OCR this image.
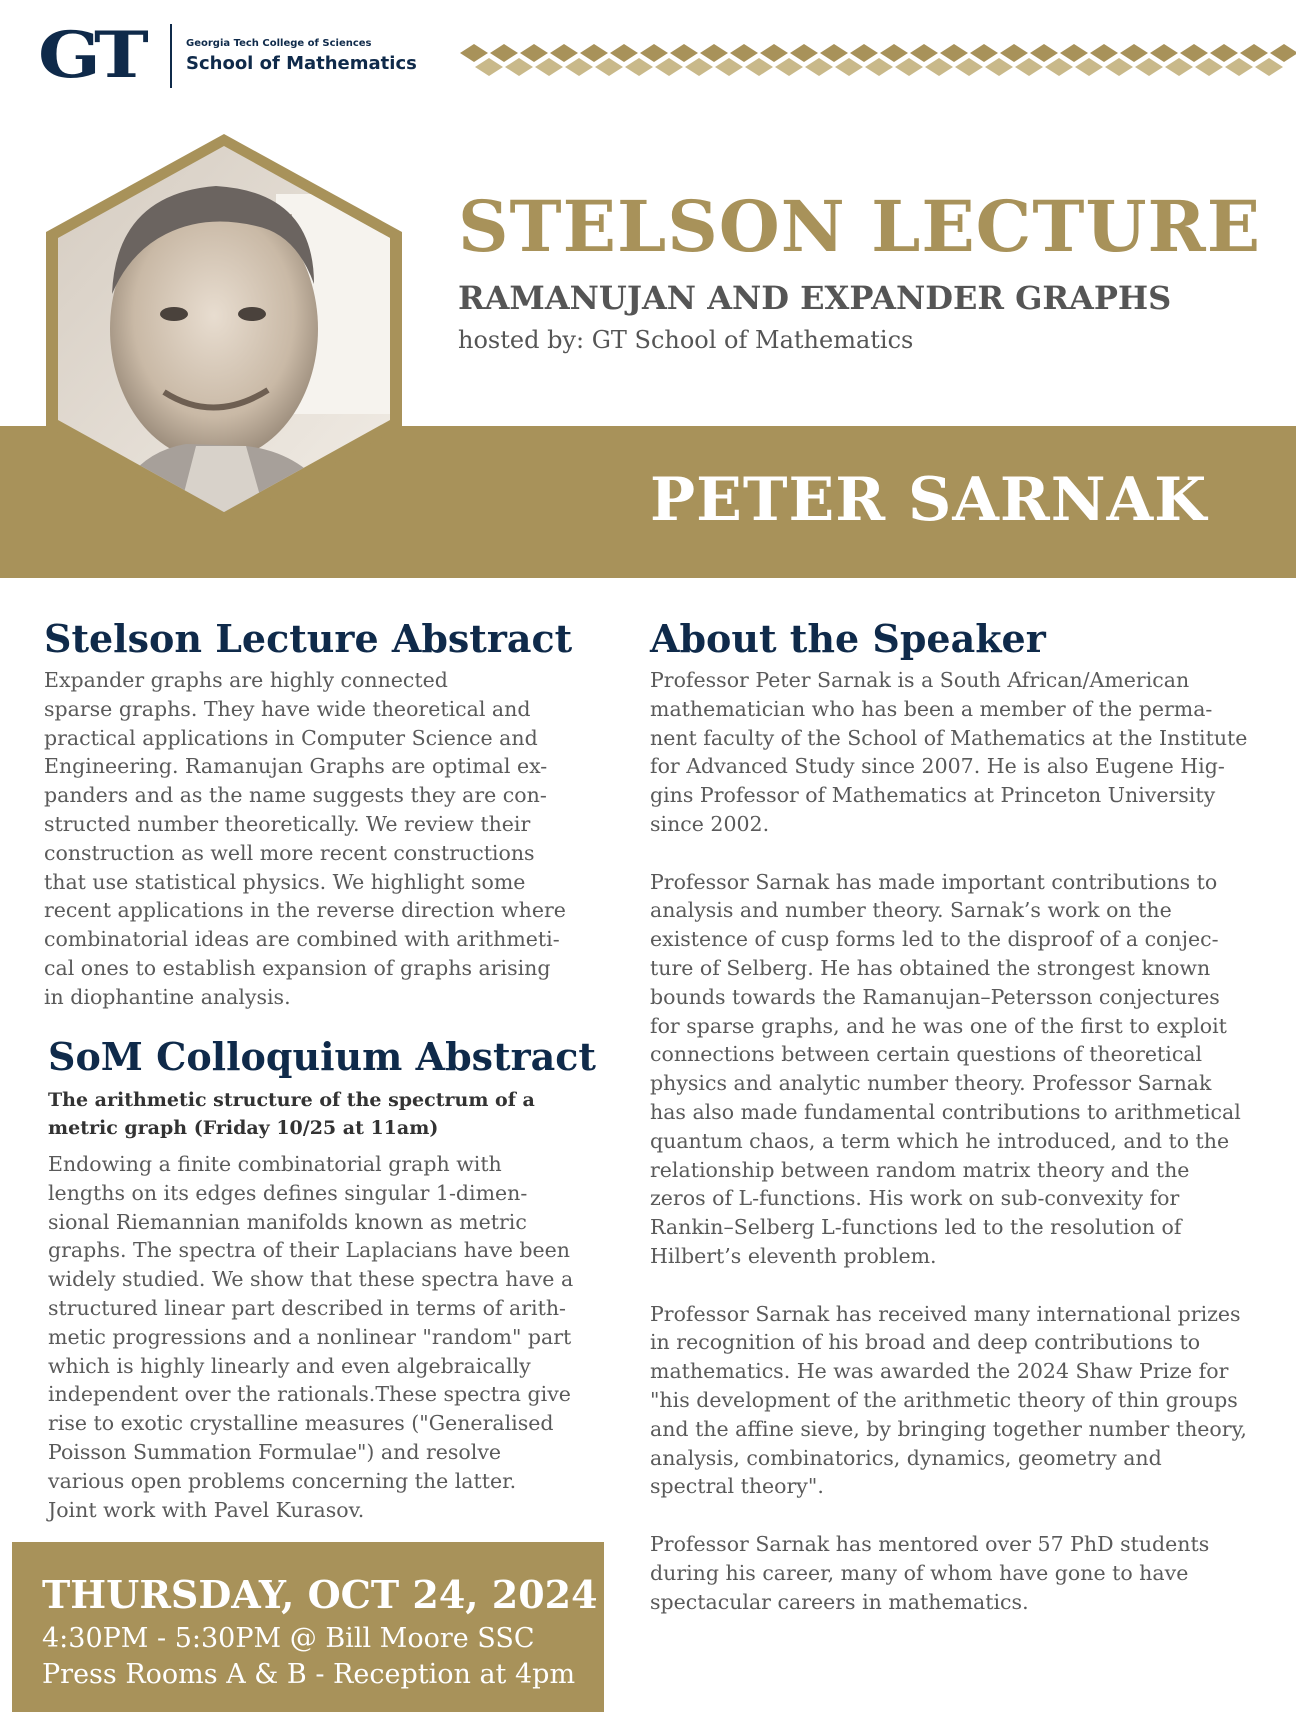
GT	Georgia Tech College of Sciences
School of Mathematics
STELSON LECTURE
RAMANUJAN AND EXPANDER GRAPHS
hosted by: GT School of Mathematics
PETER SARNAK
Stelson Lecture Abstract

Expander graphs are highly connected
sparse graphs. They have wide theoretical and
practical applications in Computer Science and
Engineering. Ramanujan Graphs are optimal ex-
panders and as the name suggests they are con-
structed number theoretically. We review their
construction as well more recent constructions
that use statistical physics. We highlight some
recent applications in the reverse direction where
combinatorial ideas are combined with arithmeti-
cal ones to establish expansion of graphs arising
in diophantine analysis.

SoM Colloquium Abstract
The arithmetic structure of the spectrum of a
metric graph (Friday 10/25 at 11am)

Endowing a finite combinatorial graph with
lengths on its edges defines singular 1-dimen-
sional Riemannian manifolds known as metric
graphs. The spectra of their Laplacians have been
widely studied. We show that these spectra have a
structured linear part described in terms of arith-
metic progressions and a nonlinear "random" part
which is highly linearly and even algebraically
independent over the rationals.These spectra give
rise to exotic crystalline measures ("Generalised
Poisson Summation Formulae") and resolve
various open problems concerning the latter.
Joint work with Pavel Kurasov.

About the Speaker

Professor Peter Sarnak is a South African/American
mathematician who has been a member of the perma-
nent faculty of the School of Mathematics at the Institute
for Advanced Study since 2007. He is also Eugene Hig-
gins Professor of Mathematics at Princeton University
since 2002.

Professor Sarnak has made important contributions to
analysis and number theory. Sarnak’s work on the
existence of cusp forms led to the disproof of a conjec-
ture of Selberg. He has obtained the strongest known
bounds towards the Ramanujan–Petersson conjectures
for sparse graphs, and he was one of the first to exploit
connections between certain questions of theoretical
physics and analytic number theory. Professor Sarnak
has also made fundamental contributions to arithmetical
quantum chaos, a term which he introduced, and to the
relationship between random matrix theory and the
zeros of L-functions. His work on sub-convexity for
Rankin–Selberg L-functions led to the resolution of
Hilbert’s eleventh problem.

Professor Sarnak has received many international prizes
in recognition of his broad and deep contributions to
mathematics. He was awarded the 2024 Shaw Prize for
"his development of the arithmetic theory of thin groups
and the affine sieve, by bringing together number theory,
analysis, combinatorics, dynamics, geometry and
spectral theory".

Professor Sarnak has mentored over 57 PhD students
during his career, many of whom have gone to have
spectacular careers in mathematics.

THURSDAY, OCT 24, 2024
4:30PM - 5:30PM @ Bill Moore SSC
Press Rooms A & B - Reception at 4pm
